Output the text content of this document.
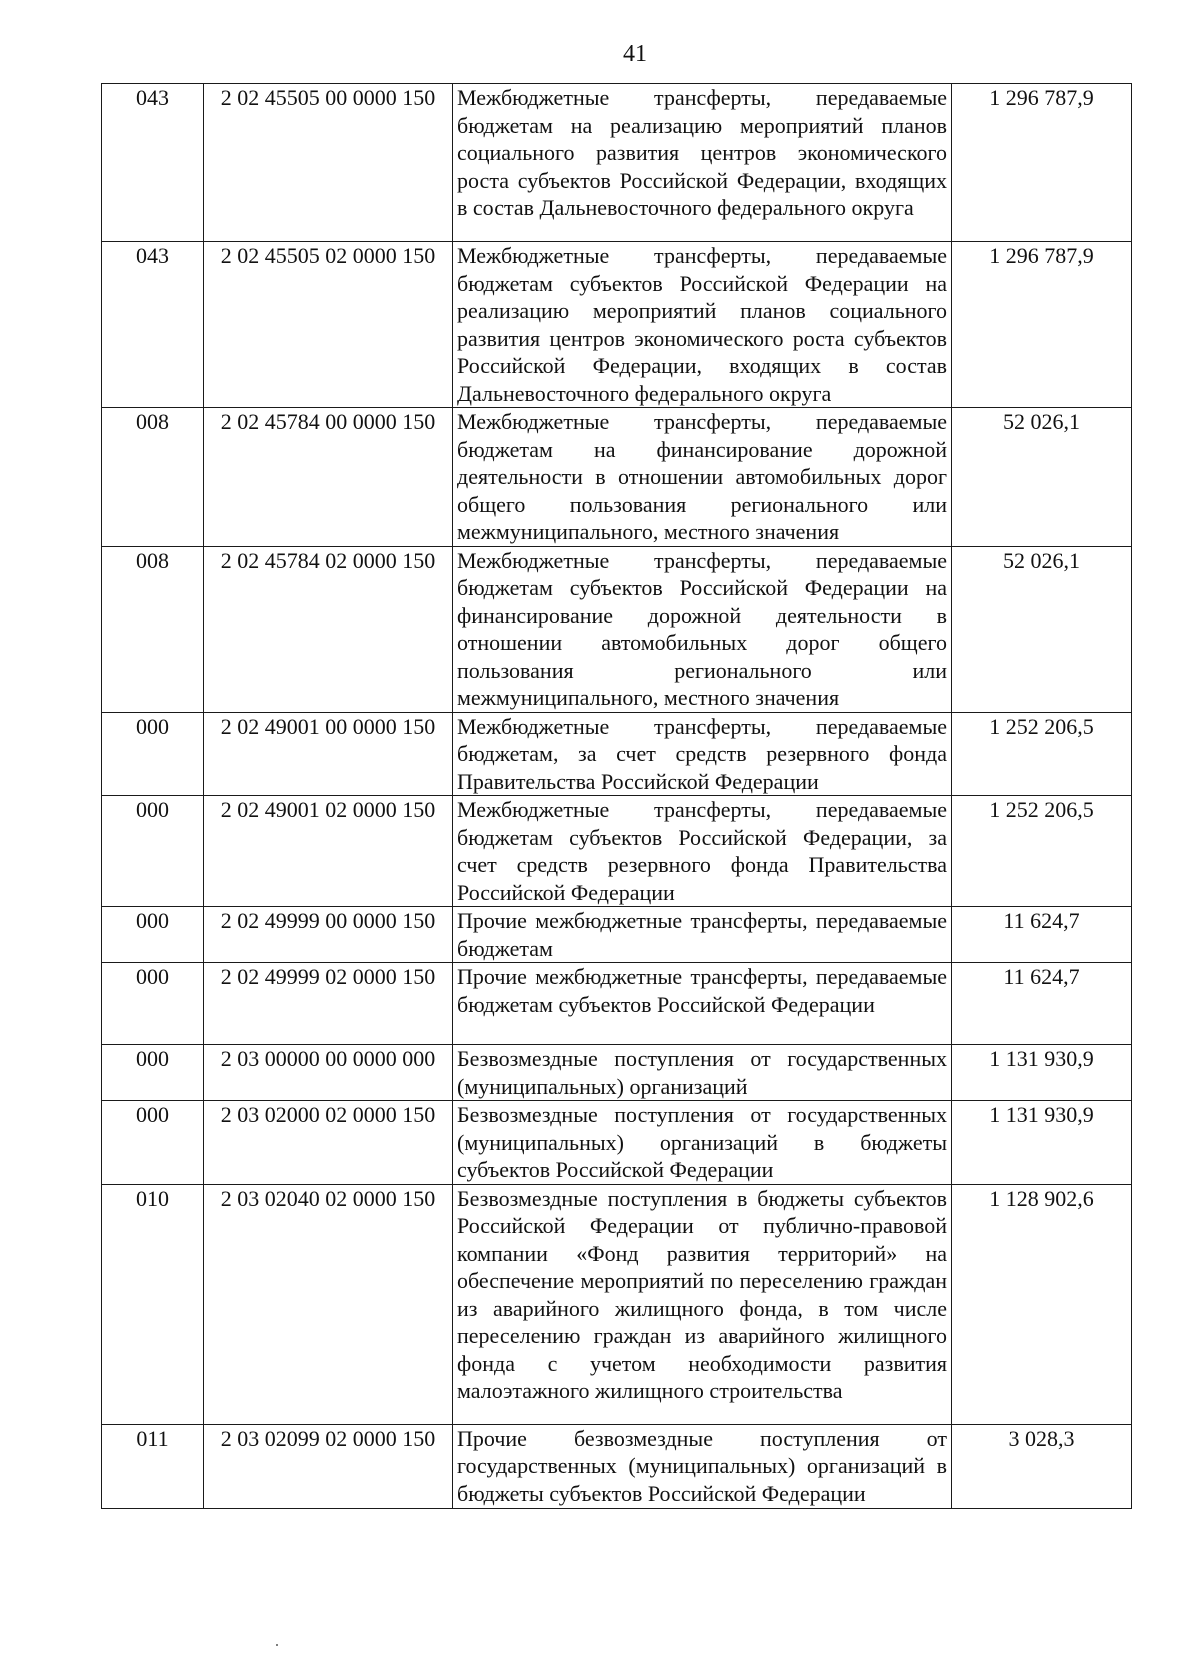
41
043	2 02 45505 00 0000 150	Межбюджетные трансферты, передаваемые бюджетам на реализацию мероприятий планов социального развития центров экономического роста субъектов Российской Федерации, входящих в состав Дальневосточного федерального округа	1 296 787,9
043	2 02 45505 02 0000 150	Межбюджетные трансферты, передаваемые бюджетам субъектов Российской Федерации на реализацию мероприятий планов социального развития центров экономического роста субъектов Российской Федерации, входящих в состав Дальневосточного федерального округа	1 296 787,9
008	2 02 45784 00 0000 150	Межбюджетные трансферты, передаваемые бюджетам на финансирование дорожной деятельности в отношении автомобильных дорог общего пользования регионального или межмуниципального, местного значения	52 026,1
008	2 02 45784 02 0000 150	Межбюджетные трансферты, передаваемые бюджетам субъектов Российской Федерации на финансирование дорожной деятельности в отношении автомобильных дорог общего пользования регионального или межмуниципального, местного значения	52 026,1
000	2 02 49001 00 0000 150	Межбюджетные трансферты, передаваемые бюджетам, за счет средств резервного фонда Правительства Российской Федерации	1 252 206,5
000	2 02 49001 02 0000 150	Межбюджетные трансферты, передаваемые бюджетам субъектов Российской Федерации, за счет средств резервного фонда Правительства Российской Федерации	1 252 206,5
000	2 02 49999 00 0000 150	Прочие межбюджетные трансферты, передаваемые бюджетам	11 624,7
000	2 02 49999 02 0000 150	Прочие межбюджетные трансферты, передаваемые бюджетам субъектов Российской Федерации	11 624,7
000	2 03 00000 00 0000 000	Безвозмездные поступления от государственных (муниципальных) организаций	1 131 930,9
000	2 03 02000 02 0000 150	Безвозмездные поступления от государственных (муниципальных) организаций в бюджеты субъектов Российской Федерации	1 131 930,9
010	2 03 02040 02 0000 150	Безвозмездные поступления в бюджеты субъектов Российской Федерации от публично-правовой компании «Фонд развития территорий» на обеспечение мероприятий по переселению граждан из аварийного жилищного фонда, в том числе переселению граждан из аварийного жилищного фонда с учетом необходимости развития малоэтажного жилищного строительства	1 128 902,6
011	2 03 02099 02 0000 150	Прочие безвозмездные поступления от государственных (муниципальных) организаций в бюджеты субъектов Российской Федерации	3 028,3
